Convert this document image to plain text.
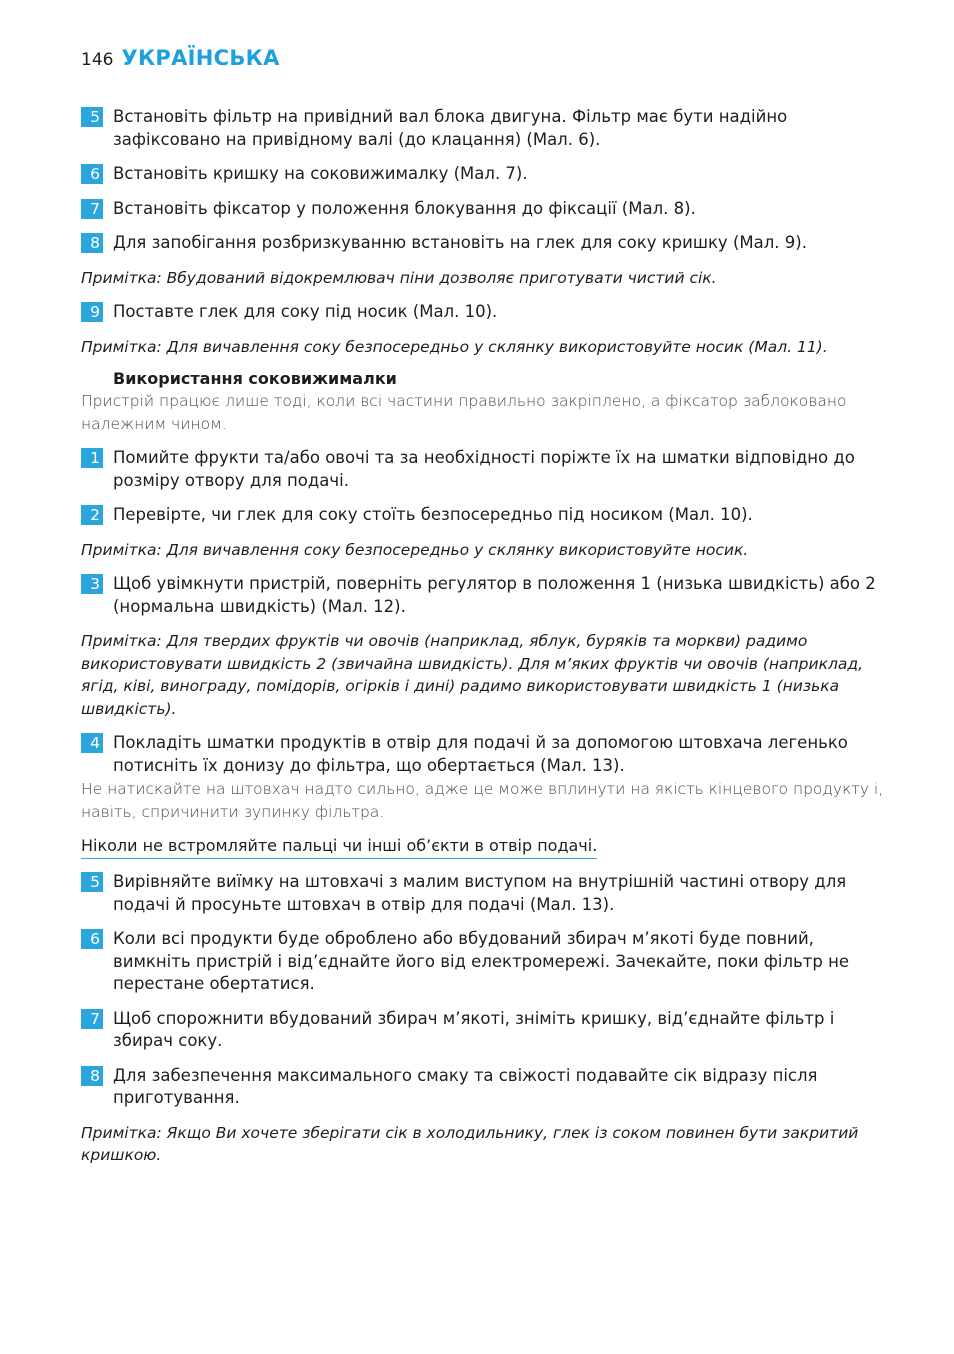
146 УКРАЇНСЬКА
5 Встановіть фільтр на привідний вал блока двигуна. Фільтр має бути надійно зафіксовано на привідному валі (до клацання) (Мал. 6).
6 Встановіть кришку на соковижималку (Мал. 7).
7 Встановіть фіксатор у положення блокування до фіксації (Мал. 8).
8 Для запобігання розбризкуванню встановіть на глек для соку кришку (Мал. 9).
Примітка: Вбудований відокремлювач піни дозволяє приготувати чистий сік.
9 Поставте глек для соку під носик (Мал. 10).
Примітка: Для вичавлення соку безпосередньо у склянку використовуйте носик (Мал. 11).
Використання соковижималки
Пристрій працює лише тоді, коли всі частини правильно закріплено, а фіксатор заблоковано належним чином.
1 Помийте фрукти та/або овочі та за необхідності поріжте їх на шматки відповідно до розміру отвору для подачі.
2 Перевірте, чи глек для соку стоїть безпосередньо під носиком (Мал. 10).
Примітка: Для вичавлення соку безпосередньо у склянку використовуйте носик.
3 Щоб увімкнути пристрій, поверніть регулятор в положення 1 (низька швидкість) або 2 (нормальна швидкість) (Мал. 12).
Примітка: Для твердих фруктів чи овочів (наприклад, яблук, буряків та моркви) радимо використовувати швидкість 2 (звичайна швидкість). Для м’яких фруктів чи овочів (наприклад, ягід, ківі, винограду, помідорів, огірків і дині) радимо використовувати швидкість 1 (низька швидкість).
4 Покладіть шматки продуктів в отвір для подачі й за допомогою штовхача легенько потисніть їх донизу до фільтра, що обертається (Мал. 13).
Не натискайте на штовхач надто сильно, адже це може вплинути на якість кінцевого продукту і, навіть, спричинити зупинку фільтра.
Ніколи не встромляйте пальці чи інші об’єкти в отвір подачі.
5 Вирівняйте виїмку на штовхачі з малим виступом на внутрішній частині отвору для подачі й просуньте штовхач в отвір для подачі (Мал. 13).
6 Коли всі продукти буде оброблено або вбудований збирач м’якоті буде повний, вимкніть пристрій і від’єднайте його від електромережі. Зачекайте, поки фільтр не перестане обертатися.
7 Щоб спорожнити вбудований збирач м’якоті, зніміть кришку, від’єднайте фільтр і збирач соку.
8 Для забезпечення максимального смаку та свіжості подавайте сік відразу після приготування.
Примітка: Якщо Ви хочете зберігати сік в холодильнику, глек із соком повинен бути закритий кришкою.
